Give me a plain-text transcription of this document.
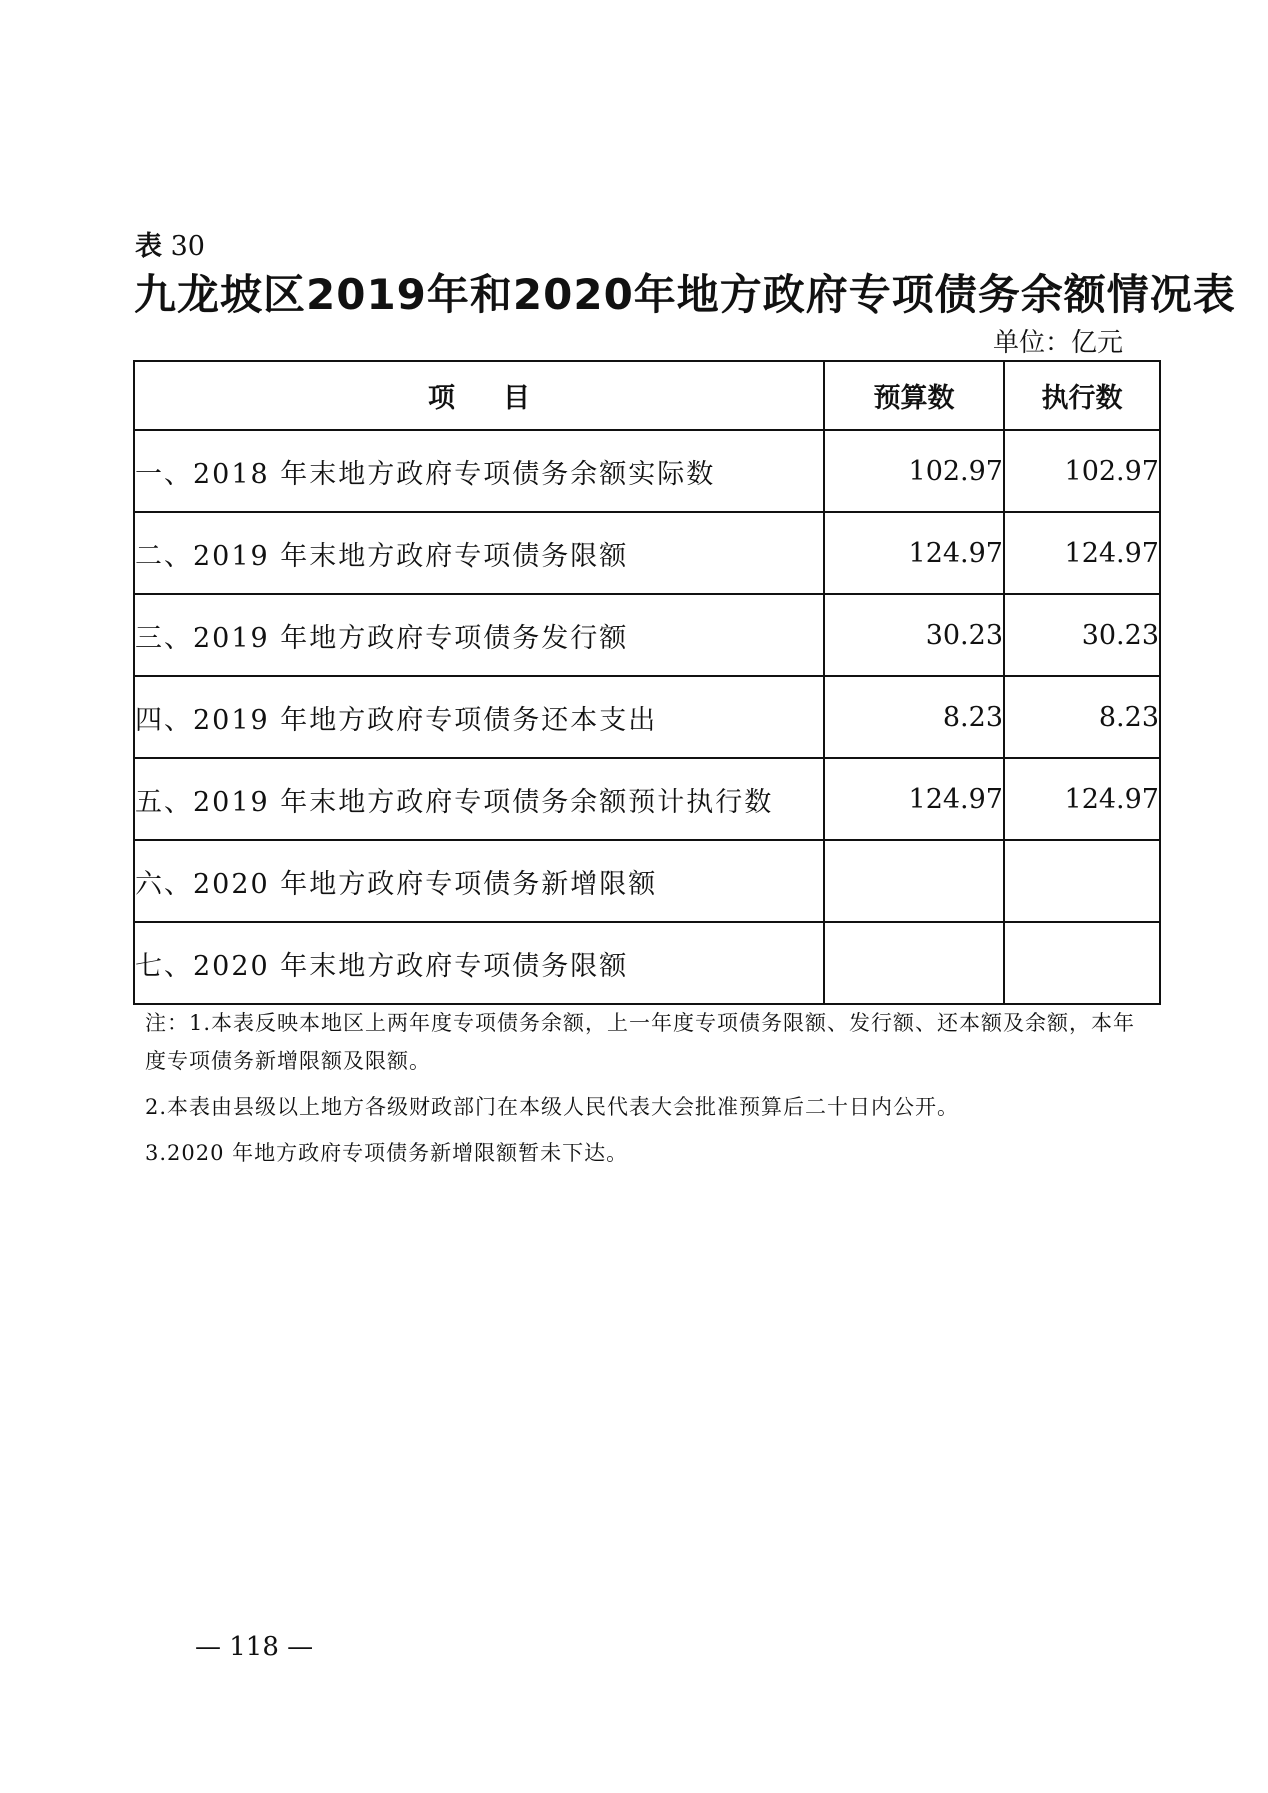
表 30
九龙坡区2019年和2020年地方政府专项债务余额情况表
单位：亿元
项目	预算数	执行数
一、2018 年末地方政府专项债务余额实际数	102.97	102.97
二、2019 年末地方政府专项债务限额	124.97	124.97
三、2019 年地方政府专项债务发行额	30.23	30.23
四、2019 年地方政府专项债务还本支出	8.23	8.23
五、2019 年末地方政府专项债务余额预计执行数	124.97	124.97
六、2020 年地方政府专项债务新增限额		
七、2020 年末地方政府专项债务限额		

注：1.本表反映本地区上两年度专项债务余额，上一年度专项债务限额、发行额、还本额及余额，本年度专项债务新增限额及限额。

2.本表由县级以上地方各级财政部门在本级人民代表大会批准预算后二十日内公开。

3.2020 年地方政府专项债务新增限额暂未下达。

— 118 —
